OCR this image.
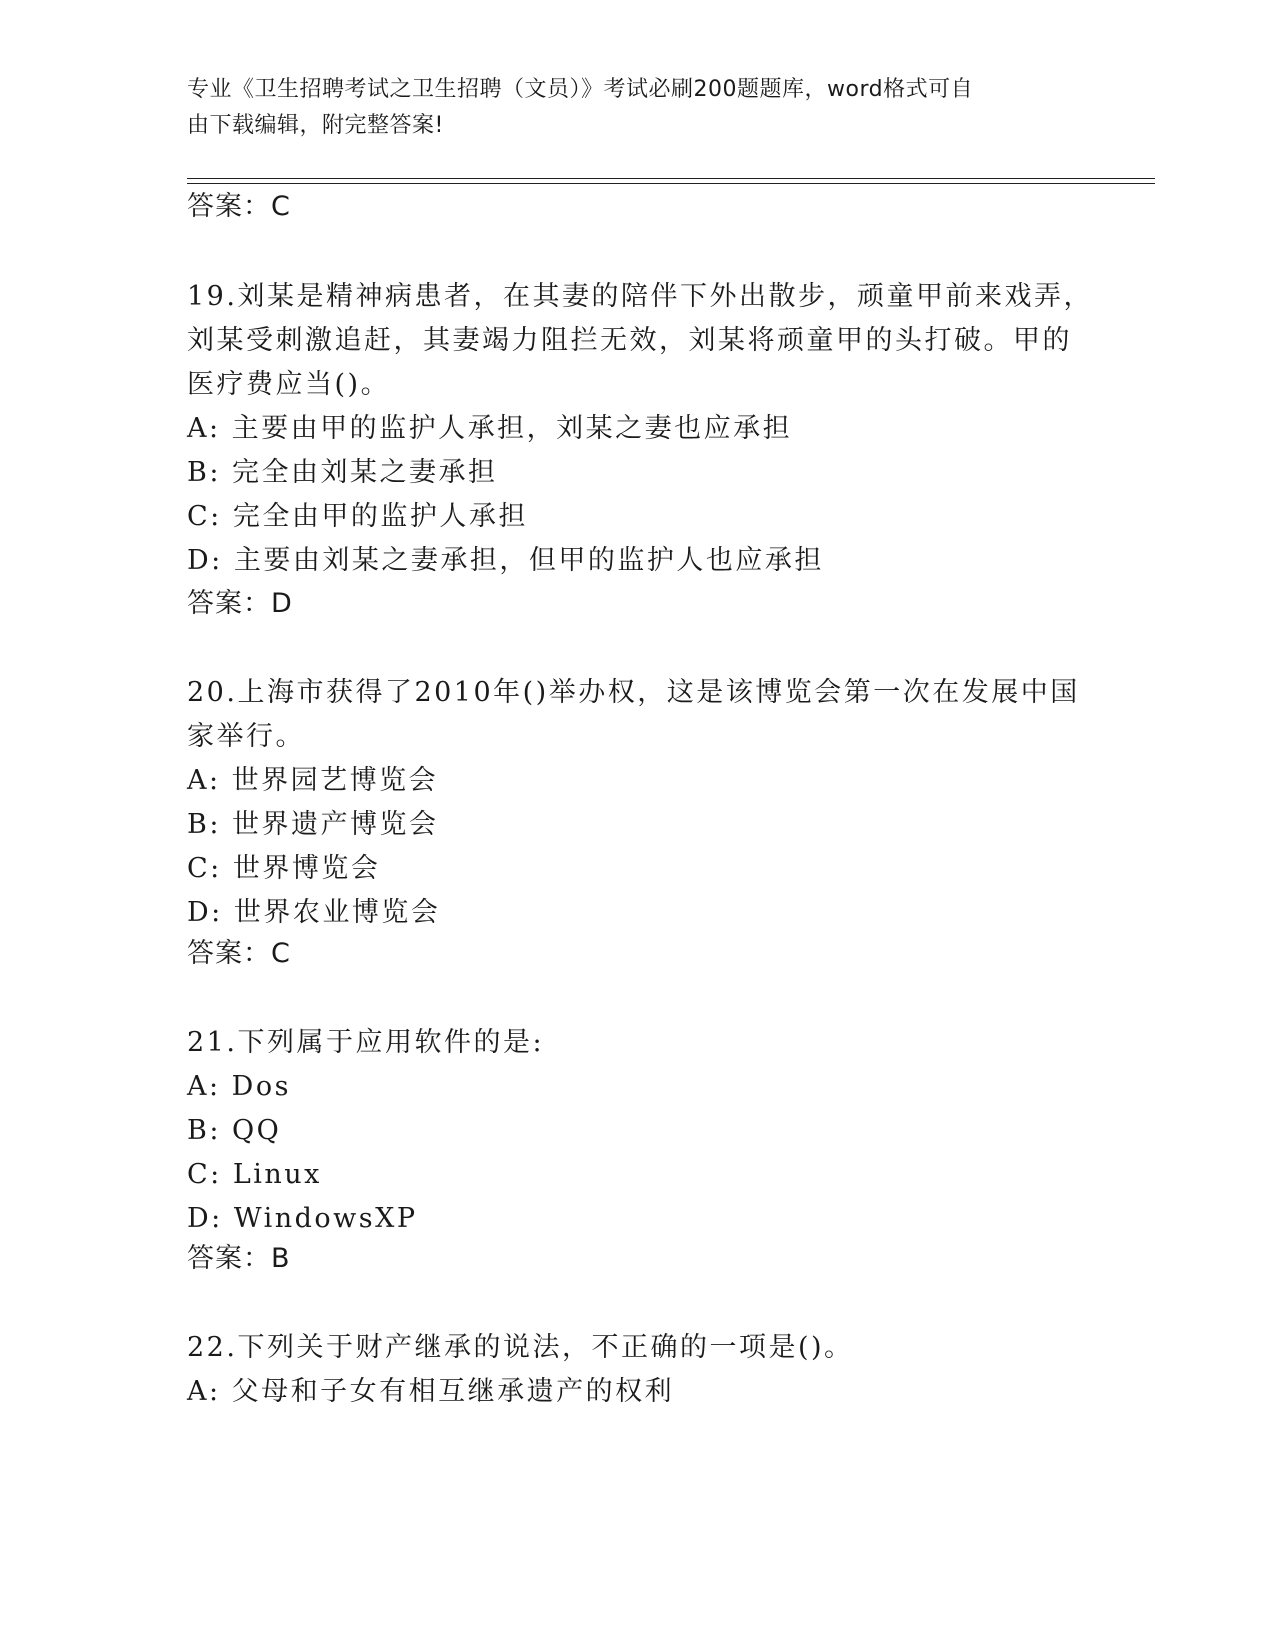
专业《卫生招聘考试之卫生招聘（文员）》考试必刷200题题库，word格式可自
由下载编辑，附完整答案!
答案：C
19.刘某是精神病患者，在其妻的陪伴下外出散步，顽童甲前来戏弄，
刘某受刺激追赶，其妻竭力阻拦无效，刘某将顽童甲的头打破。甲的
医疗费应当()。
A: 主要由甲的监护人承担，刘某之妻也应承担
B: 完全由刘某之妻承担
C: 完全由甲的监护人承担
D: 主要由刘某之妻承担，但甲的监护人也应承担
答案：D
20.上海市获得了2010年()举办权，这是该博览会第一次在发展中国
家举行。
A: 世界园艺博览会
B: 世界遗产博览会
C: 世界博览会
D: 世界农业博览会
答案：C
21.下列属于应用软件的是:
A: Dos
B: QQ
C: Linux
D: WindowsXP
答案：B
22.下列关于财产继承的说法，不正确的一项是()。
A: 父母和子女有相互继承遗产的权利
